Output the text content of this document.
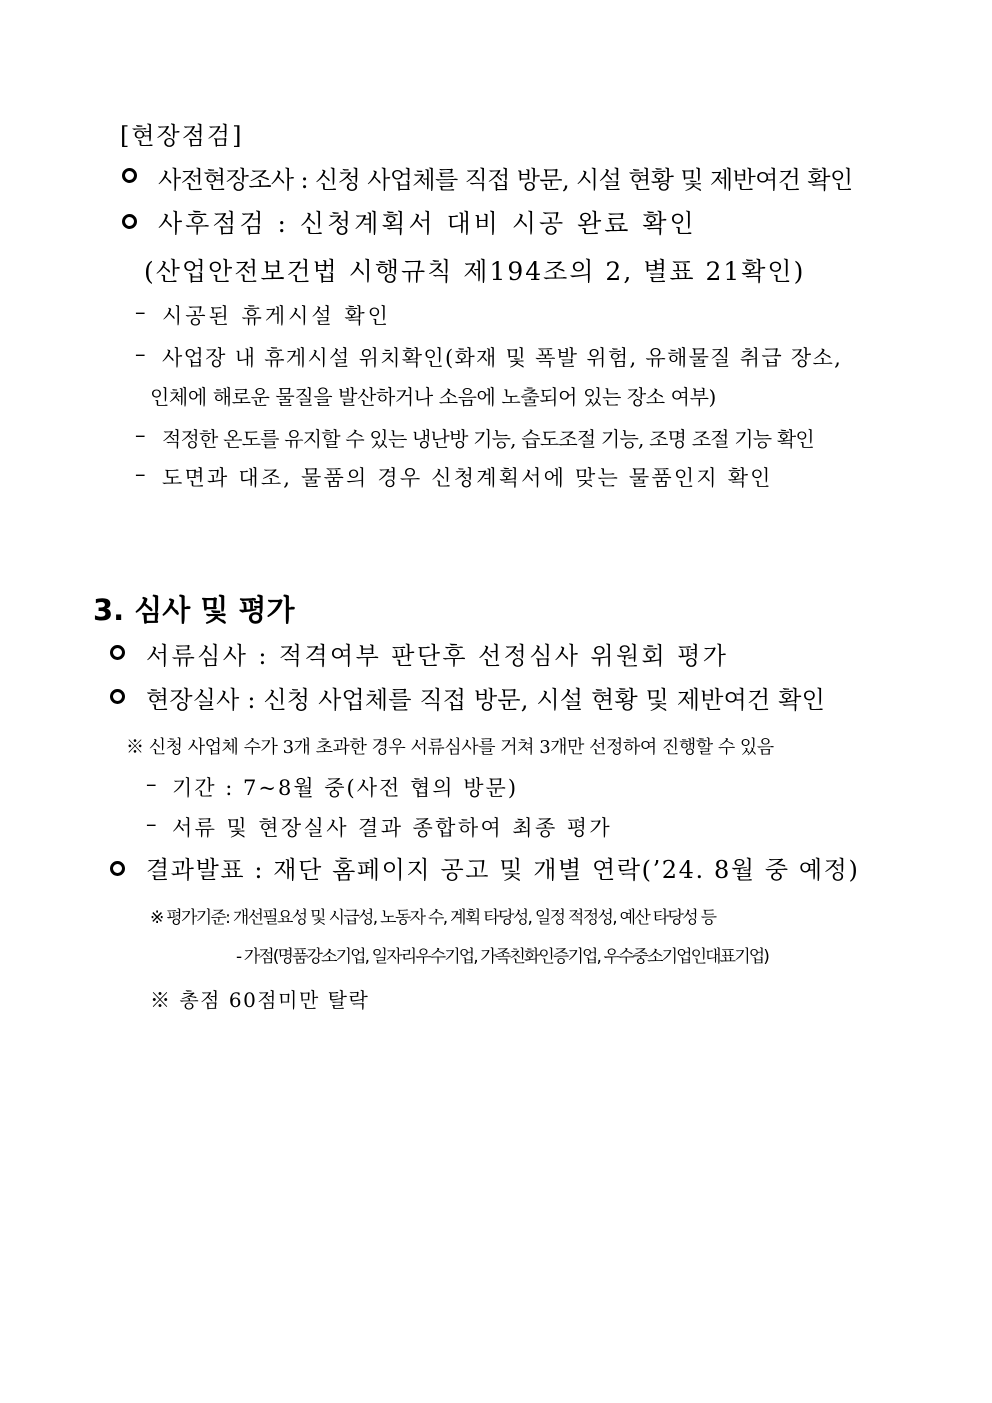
[현장점검]
사전현장조사 : 신청 사업체를 직접 방문, 시설 현황 및 제반여건 확인
사후점검 : 신청계획서 대비 시공 완료 확인
(산업안전보건법 시행규칙 제194조의 2, 별표 21확인)
– 시공된 휴게시설 확인
– 사업장 내 휴게시설 위치확인(화재 및 폭발 위험, 유해물질 취급 장소,
인체에 해로운 물질을 발산하거나 소음에 노출되어 있는 장소 여부)
– 적정한 온도를 유지할 수 있는 냉난방 기능, 습도조절 기능, 조명 조절 기능 확인
– 도면과 대조, 물품의 경우 신청계획서에 맞는 물품인지 확인
3. 심사 및 평가
서류심사 : 적격여부 판단후 선정심사 위원회 평가
현장실사 : 신청 사업체를 직접 방문, 시설 현황 및 제반여건 확인
※ 신청 사업체 수가 3개 초과한 경우 서류심사를 거쳐 3개만 선정하여 진행할 수 있음
– 기간 : 7~8월 중(사전 협의 방문)
– 서류 및 현장실사 결과 종합하여 최종 평가
결과발표 : 재단 홈페이지 공고 및 개별 연락(’24. 8월 중 예정)
※ 평가기준: 개선필요성 및 시급성, 노동자 수, 계획 타당성, 일정 적정성, 예산 타당성 등
- 가점(명품강소기업, 일자리우수기업, 가족친화인증기업, 우수중소기업인대표기업)
※ 총점 60점미만 탈락
